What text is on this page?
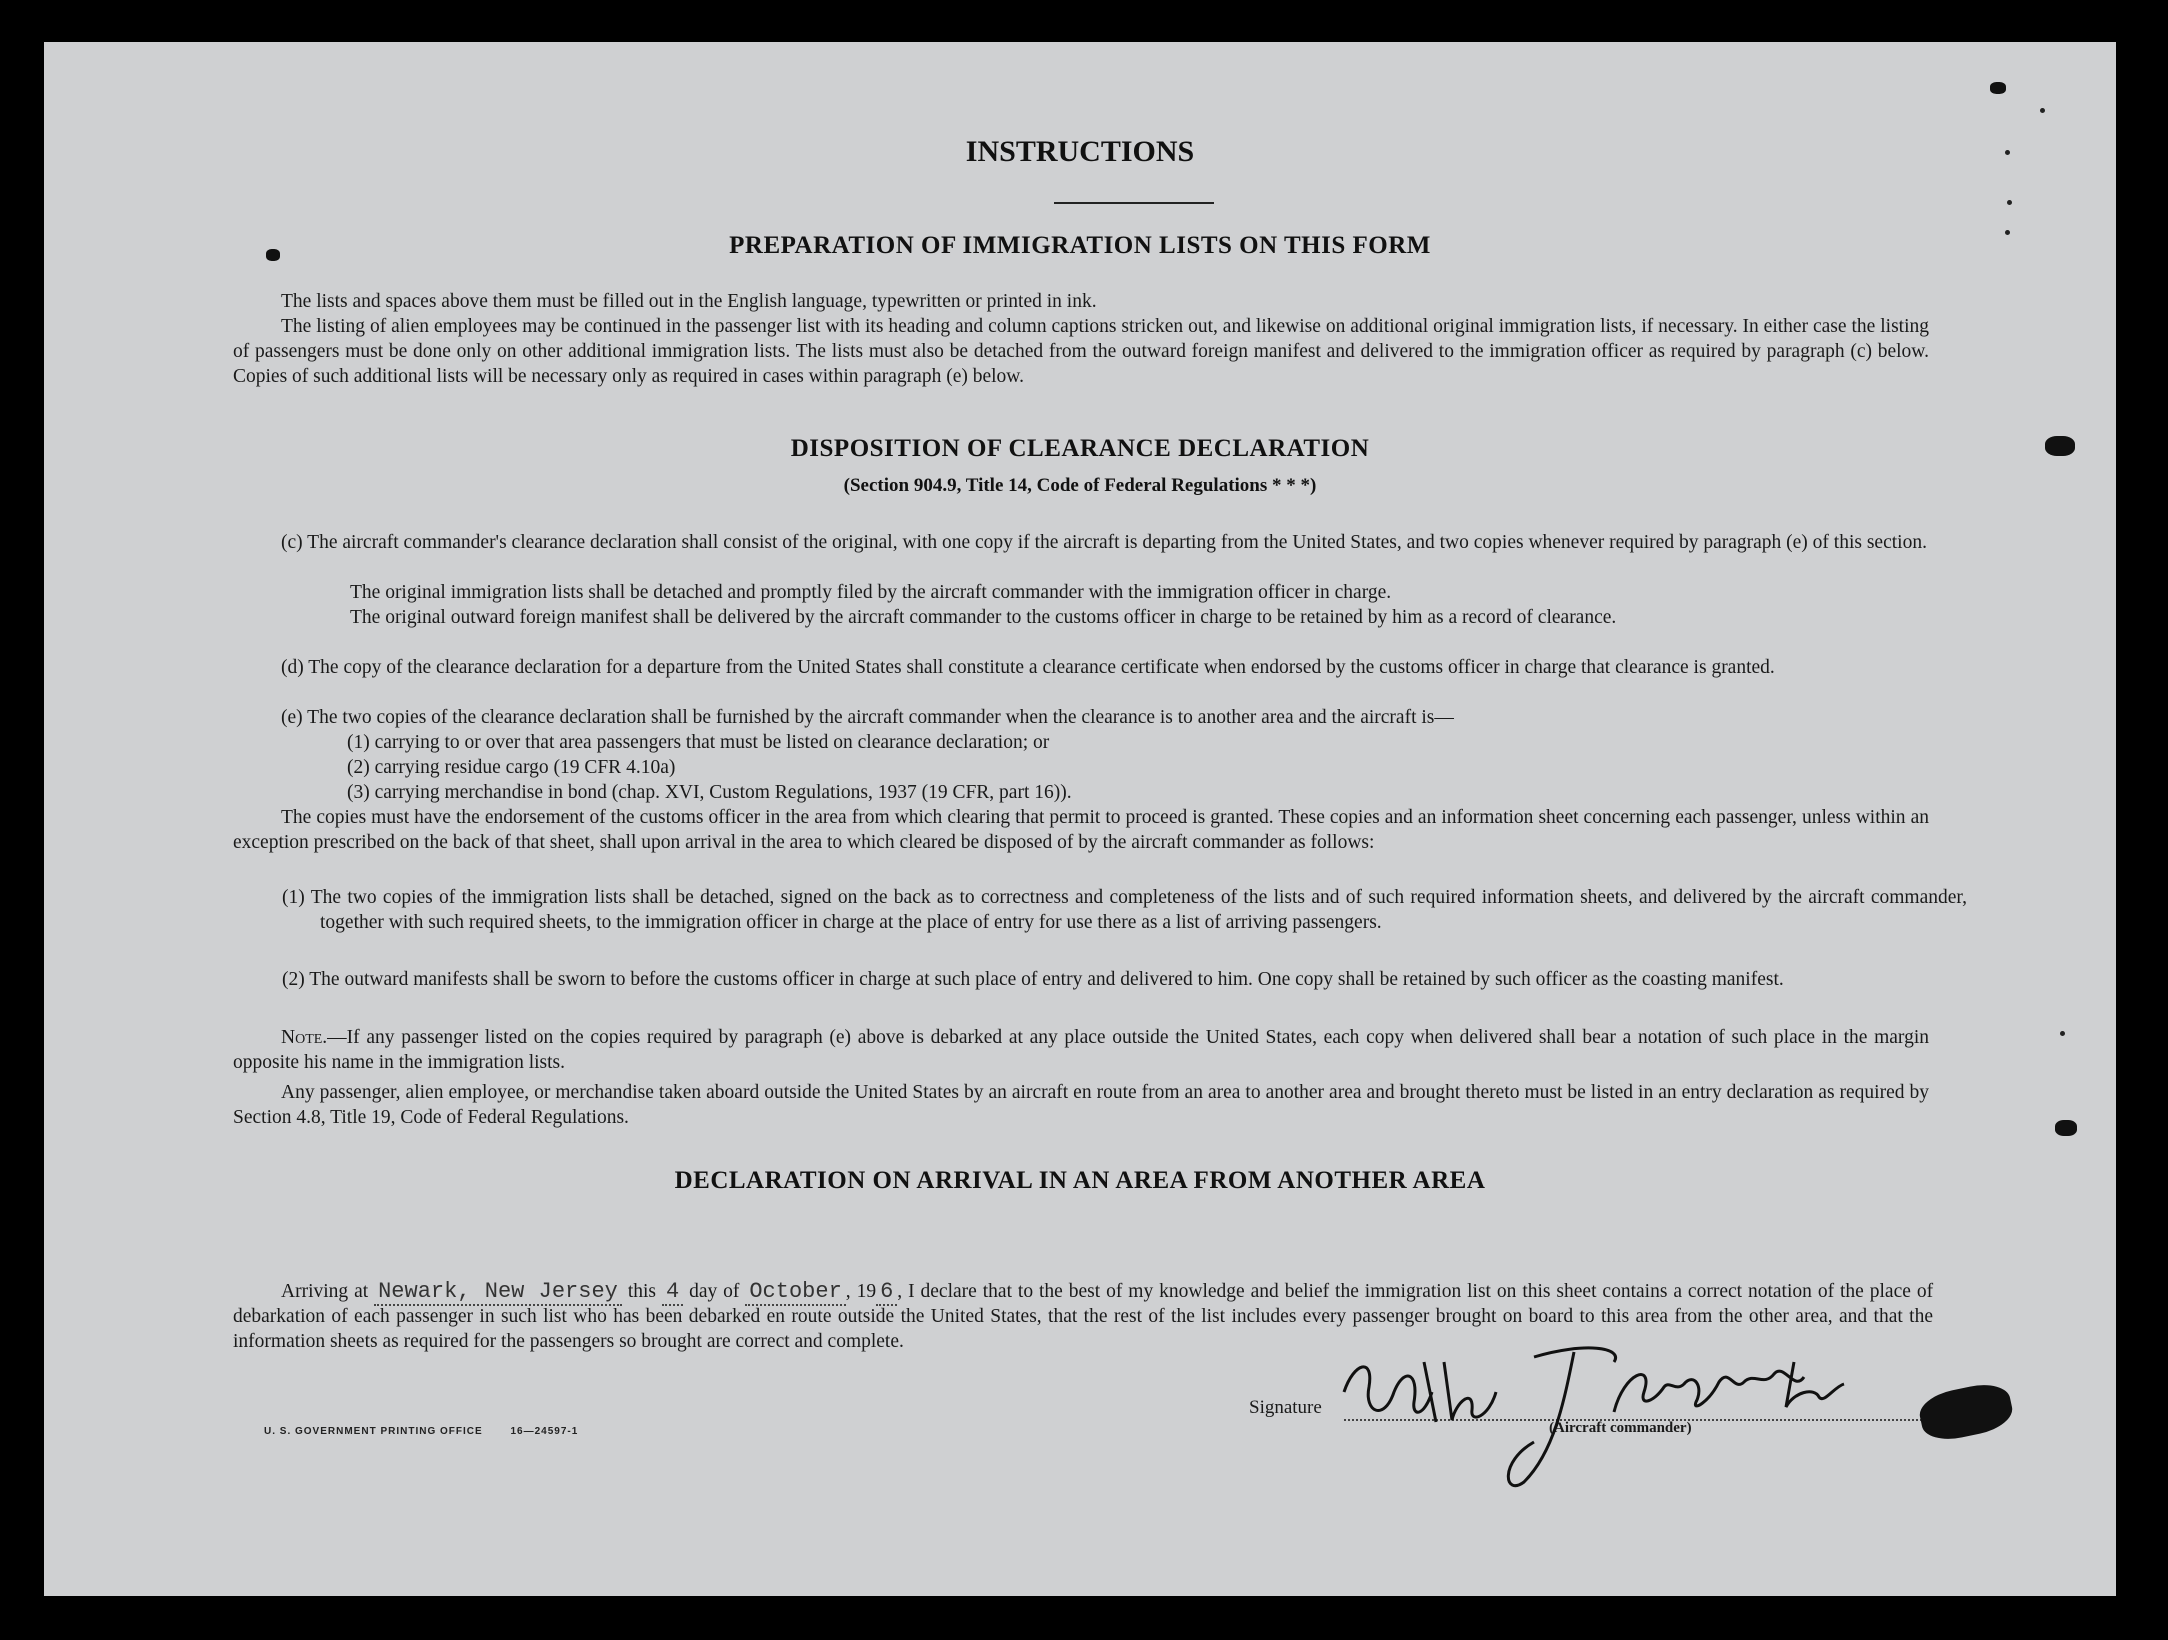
INSTRUCTIONS
PREPARATION OF IMMIGRATION LISTS ON THIS FORM

The lists and spaces above them must be filled out in the English language, typewritten or printed in ink.

The listing of alien employees may be continued in the passenger list with its heading and column captions stricken out, and likewise on additional original immigration lists, if necessary. In either case the listing of passengers must be done only on other additional immigration lists. The lists must also be detached from the outward foreign manifest and delivered to the immigration officer as required by paragraph (c) below. Copies of such additional lists will be necessary only as required in cases within paragraph (e) below.

DISPOSITION OF CLEARANCE DECLARATION
(Section 904.9, Title 14, Code of Federal Regulations * * *)

(c) The aircraft commander's clearance declaration shall consist of the original, with one copy if the aircraft is departing from the United States, and two copies whenever required by paragraph (e) of this section.

The original immigration lists shall be detached and promptly filed by the aircraft commander with the immigration officer in charge.

The original outward foreign manifest shall be delivered by the aircraft commander to the customs officer in charge to be retained by him as a record of clearance.

(d) The copy of the clearance declaration for a departure from the United States shall constitute a clearance certificate when endorsed by the customs officer in charge that clearance is granted.

(e) The two copies of the clearance declaration shall be furnished by the aircraft commander when the clearance is to another area and the aircraft is—

(1) carrying to or over that area passengers that must be listed on clearance declaration; or

(2) carrying residue cargo (19 CFR 4.10a)

(3) carrying merchandise in bond (chap. XVI, Custom Regulations, 1937 (19 CFR, part 16)).

The copies must have the endorsement of the customs officer in the area from which clearing that permit to proceed is granted. These copies and an information sheet concerning each passenger, unless within an exception prescribed on the back of that sheet, shall upon arrival in the area to which cleared be disposed of by the aircraft commander as follows:

(1) The two copies of the immigration lists shall be detached, signed on the back as to correctness and completeness of the lists and of such required information sheets, and delivered by the aircraft commander, together with such required sheets, to the immigration officer in charge at the place of entry for use there as a list of arriving passengers.

(2) The outward manifests shall be sworn to before the customs officer in charge at such place of entry and delivered to him. One copy shall be retained by such officer as the coasting manifest.

Note.—If any passenger listed on the copies required by paragraph (e) above is debarked at any place outside the United States, each copy when delivered shall bear a notation of such place in the margin opposite his name in the immigration lists.

Any passenger, alien employee, or merchandise taken aboard outside the United States by an aircraft en route from an area to another area and brought thereto must be listed in an entry declaration as required by Section 4.8, Title 19, Code of Federal Regulations.

DECLARATION ON ARRIVAL IN AN AREA FROM ANOTHER AREA

Arriving at Newark, New Jersey this 4 day of October , 19 6 , I declare that to the best of my knowledge and belief the immigration list on this sheet contains a correct notation of the place of debarkation of each passenger in such list who has been debarked en route outside the United States, that the rest of the list includes every passenger brought on board to this area from the other area, and that the information sheets as required for the passengers so brought are correct and complete.

U. S. GOVERNMENT PRINTING OFFICE	16—24597-1
Signature
(Aircraft commander)
